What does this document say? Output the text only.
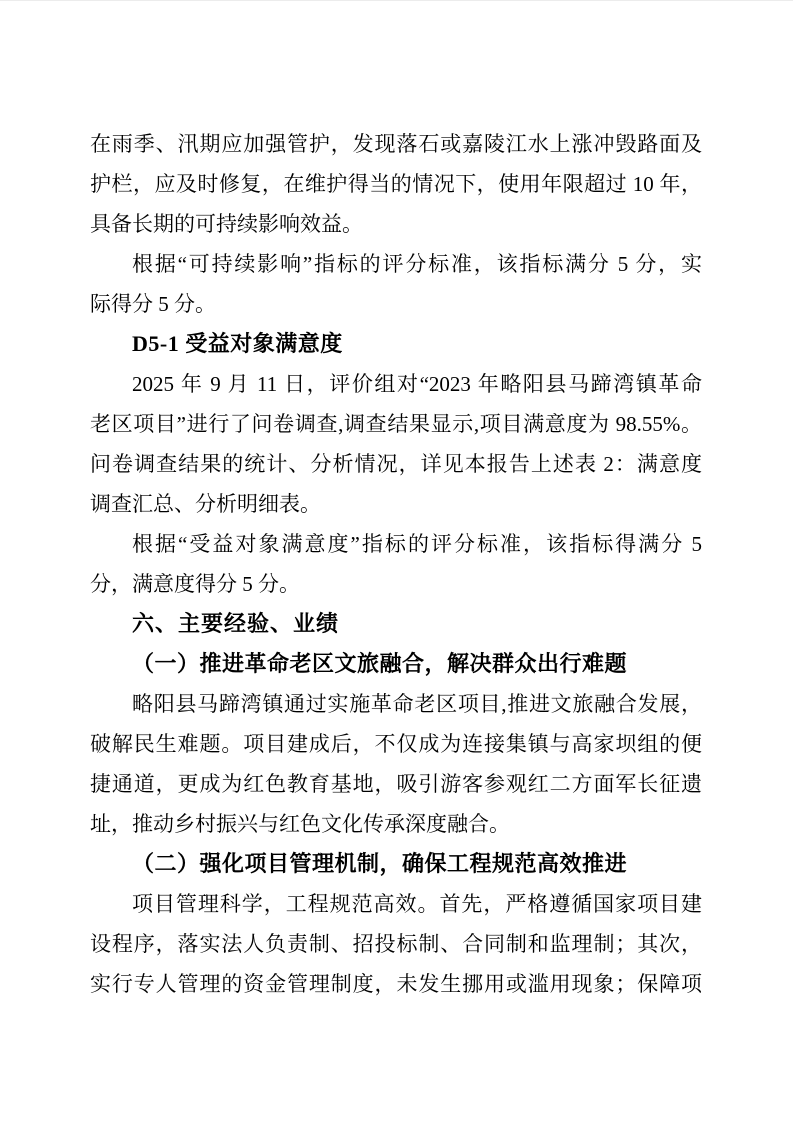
在雨季、汛期应加强管护，发现落石或嘉陵江水上涨冲毁路面及
护栏，应及时修复，在维护得当的情况下，使用年限超过 10 年，
具备长期的可持续影响效益。
根据“可持续影响”指标的评分标准，该指标满分 5 分，实
际得分 5 分。
D5-1 受益对象满意度
2025 年 9 月 11 日，评价组对“2023 年略阳县马蹄湾镇革命
老区项目”进行了问卷调查,调查结果显示,项目满意度为 98.55%。
问卷调查结果的统计、分析情况，详见本报告上述表 2：满意度
调查汇总、分析明细表。
根据“受益对象满意度”指标的评分标准，该指标得满分 5
分，满意度得分 5 分。
六、主要经验、业绩
（一）推进革命老区文旅融合，解决群众出行难题
略阳县马蹄湾镇通过实施革命老区项目,推进文旅融合发展，
破解民生难题。项目建成后，不仅成为连接集镇与高家坝组的便
捷通道，更成为红色教育基地，吸引游客参观红二方面军长征遗
址，推动乡村振兴与红色文化传承深度融合。
（二）强化项目管理机制，确保工程规范高效推进
项目管理科学，工程规范高效。首先，严格遵循国家项目建
设程序，落实法人负责制、招投标制、合同制和监理制；其次，
实行专人管理的资金管理制度，未发生挪用或滥用现象；保障项
